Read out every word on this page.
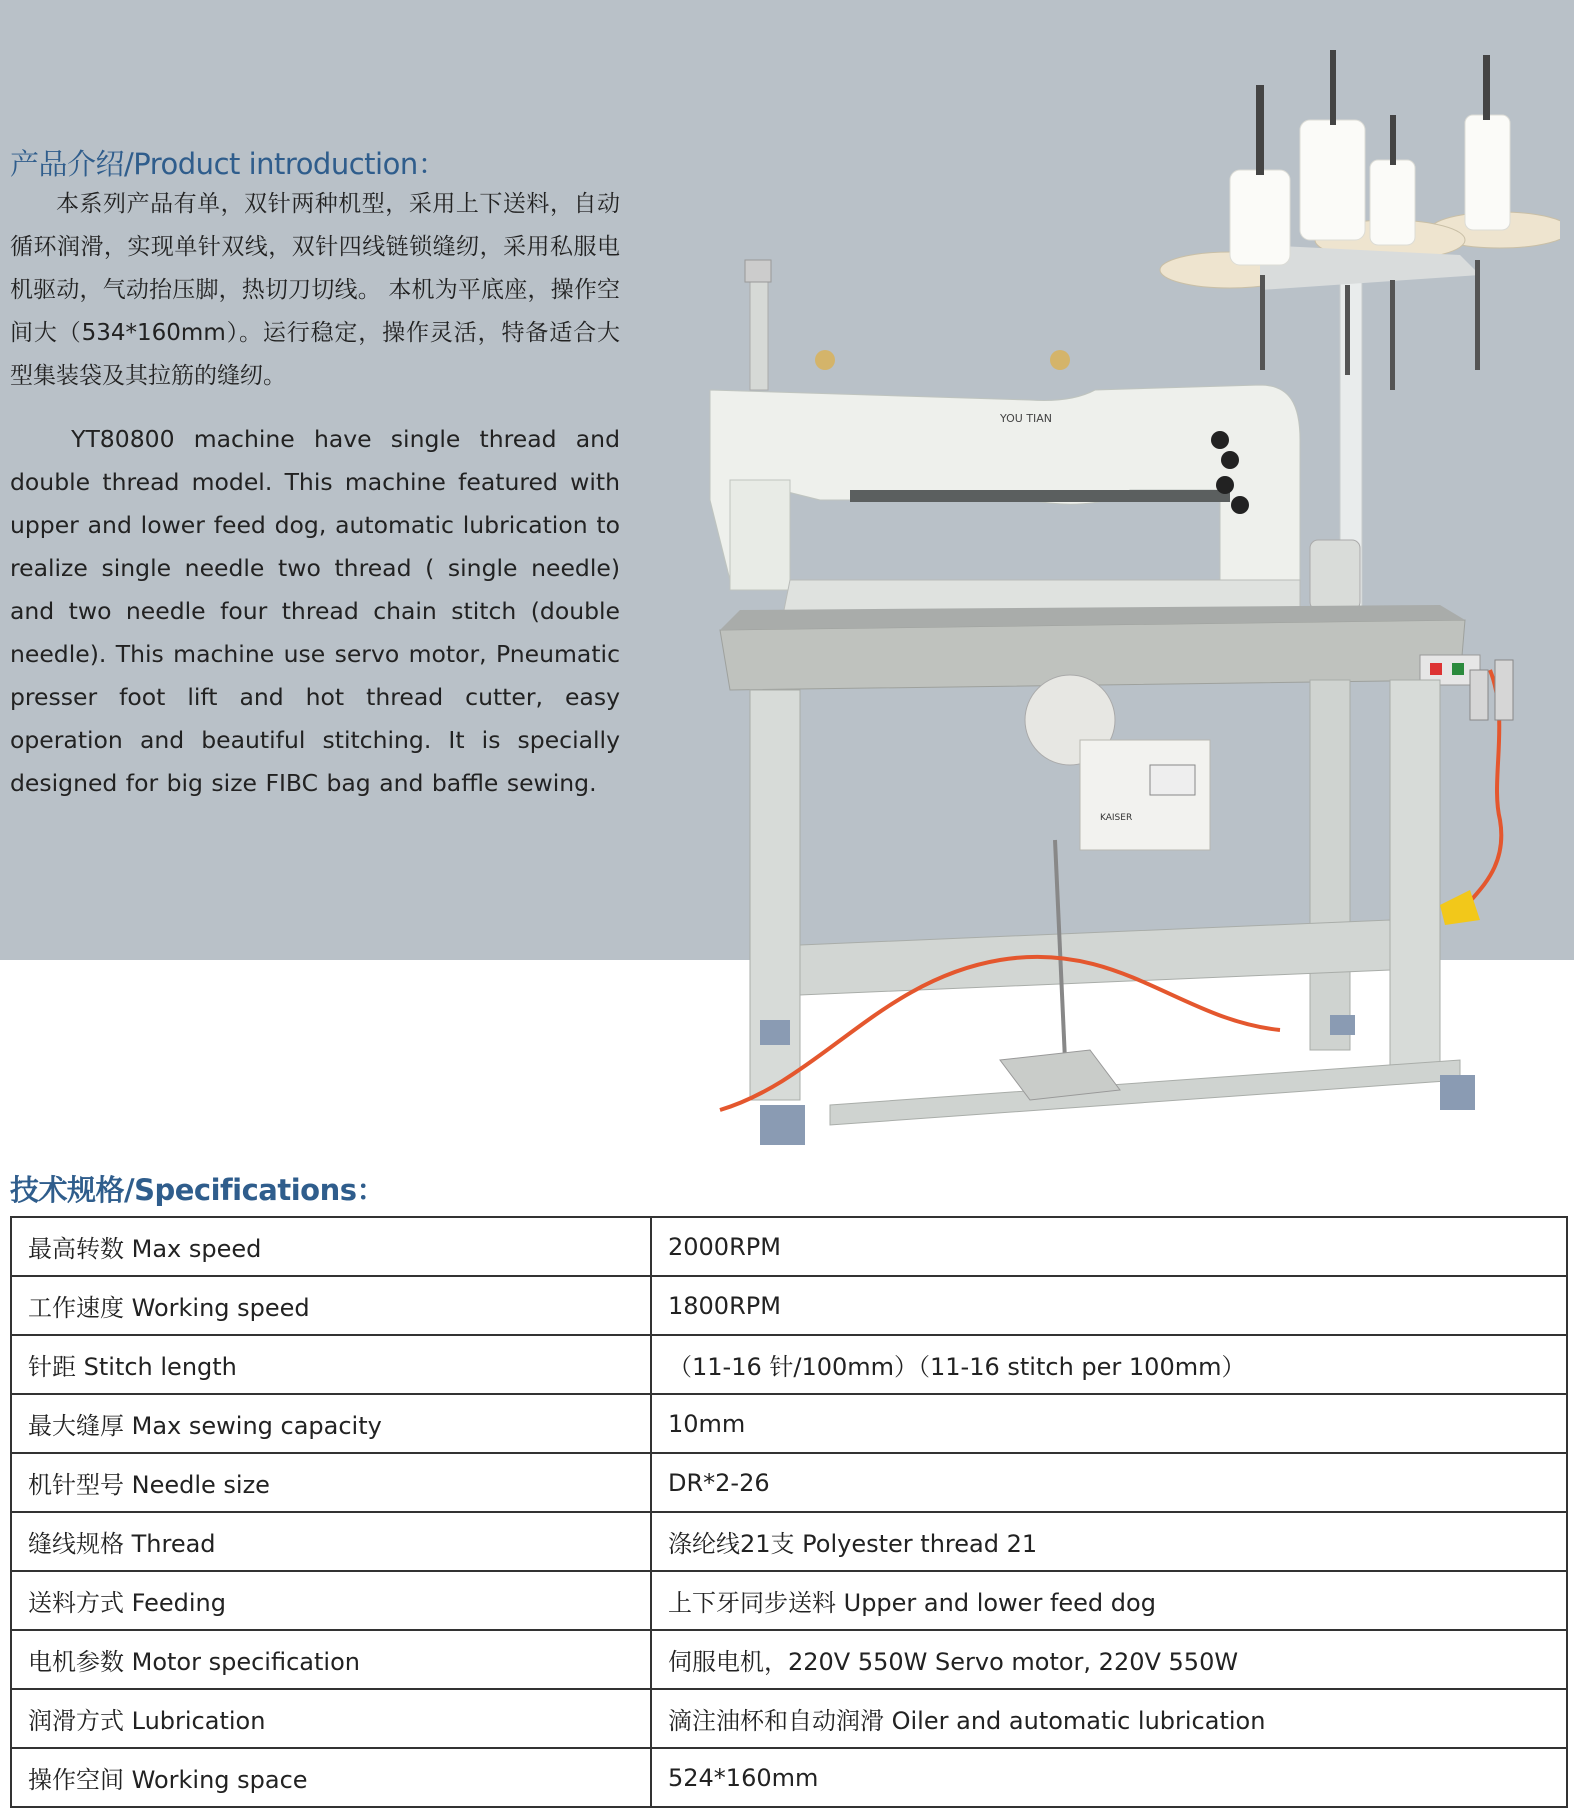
产品介绍/Product introduction：

本系列产品有单，双针两种机型，采用上下送料，自动循环润滑，实现单针双线，双针四线链锁缝纫，采用私服电机驱动，气动抬压脚，热切刀切线。 本机为平底座，操作空间大（534*160mm）。运行稳定，操作灵活，特备适合大型集装袋及其拉筋的缝纫。

YT80800 machine have single thread and double thread model. This machine featured with upper and lower feed dog, automatic lubrication to realize single needle two thread ( single needle) and two needle four thread chain stitch (double needle). This machine use servo motor, Pneumatic presser foot lift and hot thread cutter, easy operation and beautiful stitching. It is specially designed for big size FIBC bag and baffle sewing.

YOU TIAN
KAISER
技术规格/Specifications：
最高转数 Max speed	2000RPM
工作速度 Working speed	1800RPM
针距 Stitch length	（11-16 针/100mm）（11-16 stitch per 100mm）
最大缝厚 Max sewing capacity	10mm
机针型号 Needle size	DR*2-26
缝线规格 Thread	涤纶线21支 Polyester thread 21
送料方式 Feeding	上下牙同步送料 Upper and lower feed dog
电机参数 Motor specification	伺服电机，220V 550W Servo motor, 220V 550W
润滑方式 Lubrication	滴注油杯和自动润滑 Oiler and automatic lubrication
操作空间 Working space	524*160mm
